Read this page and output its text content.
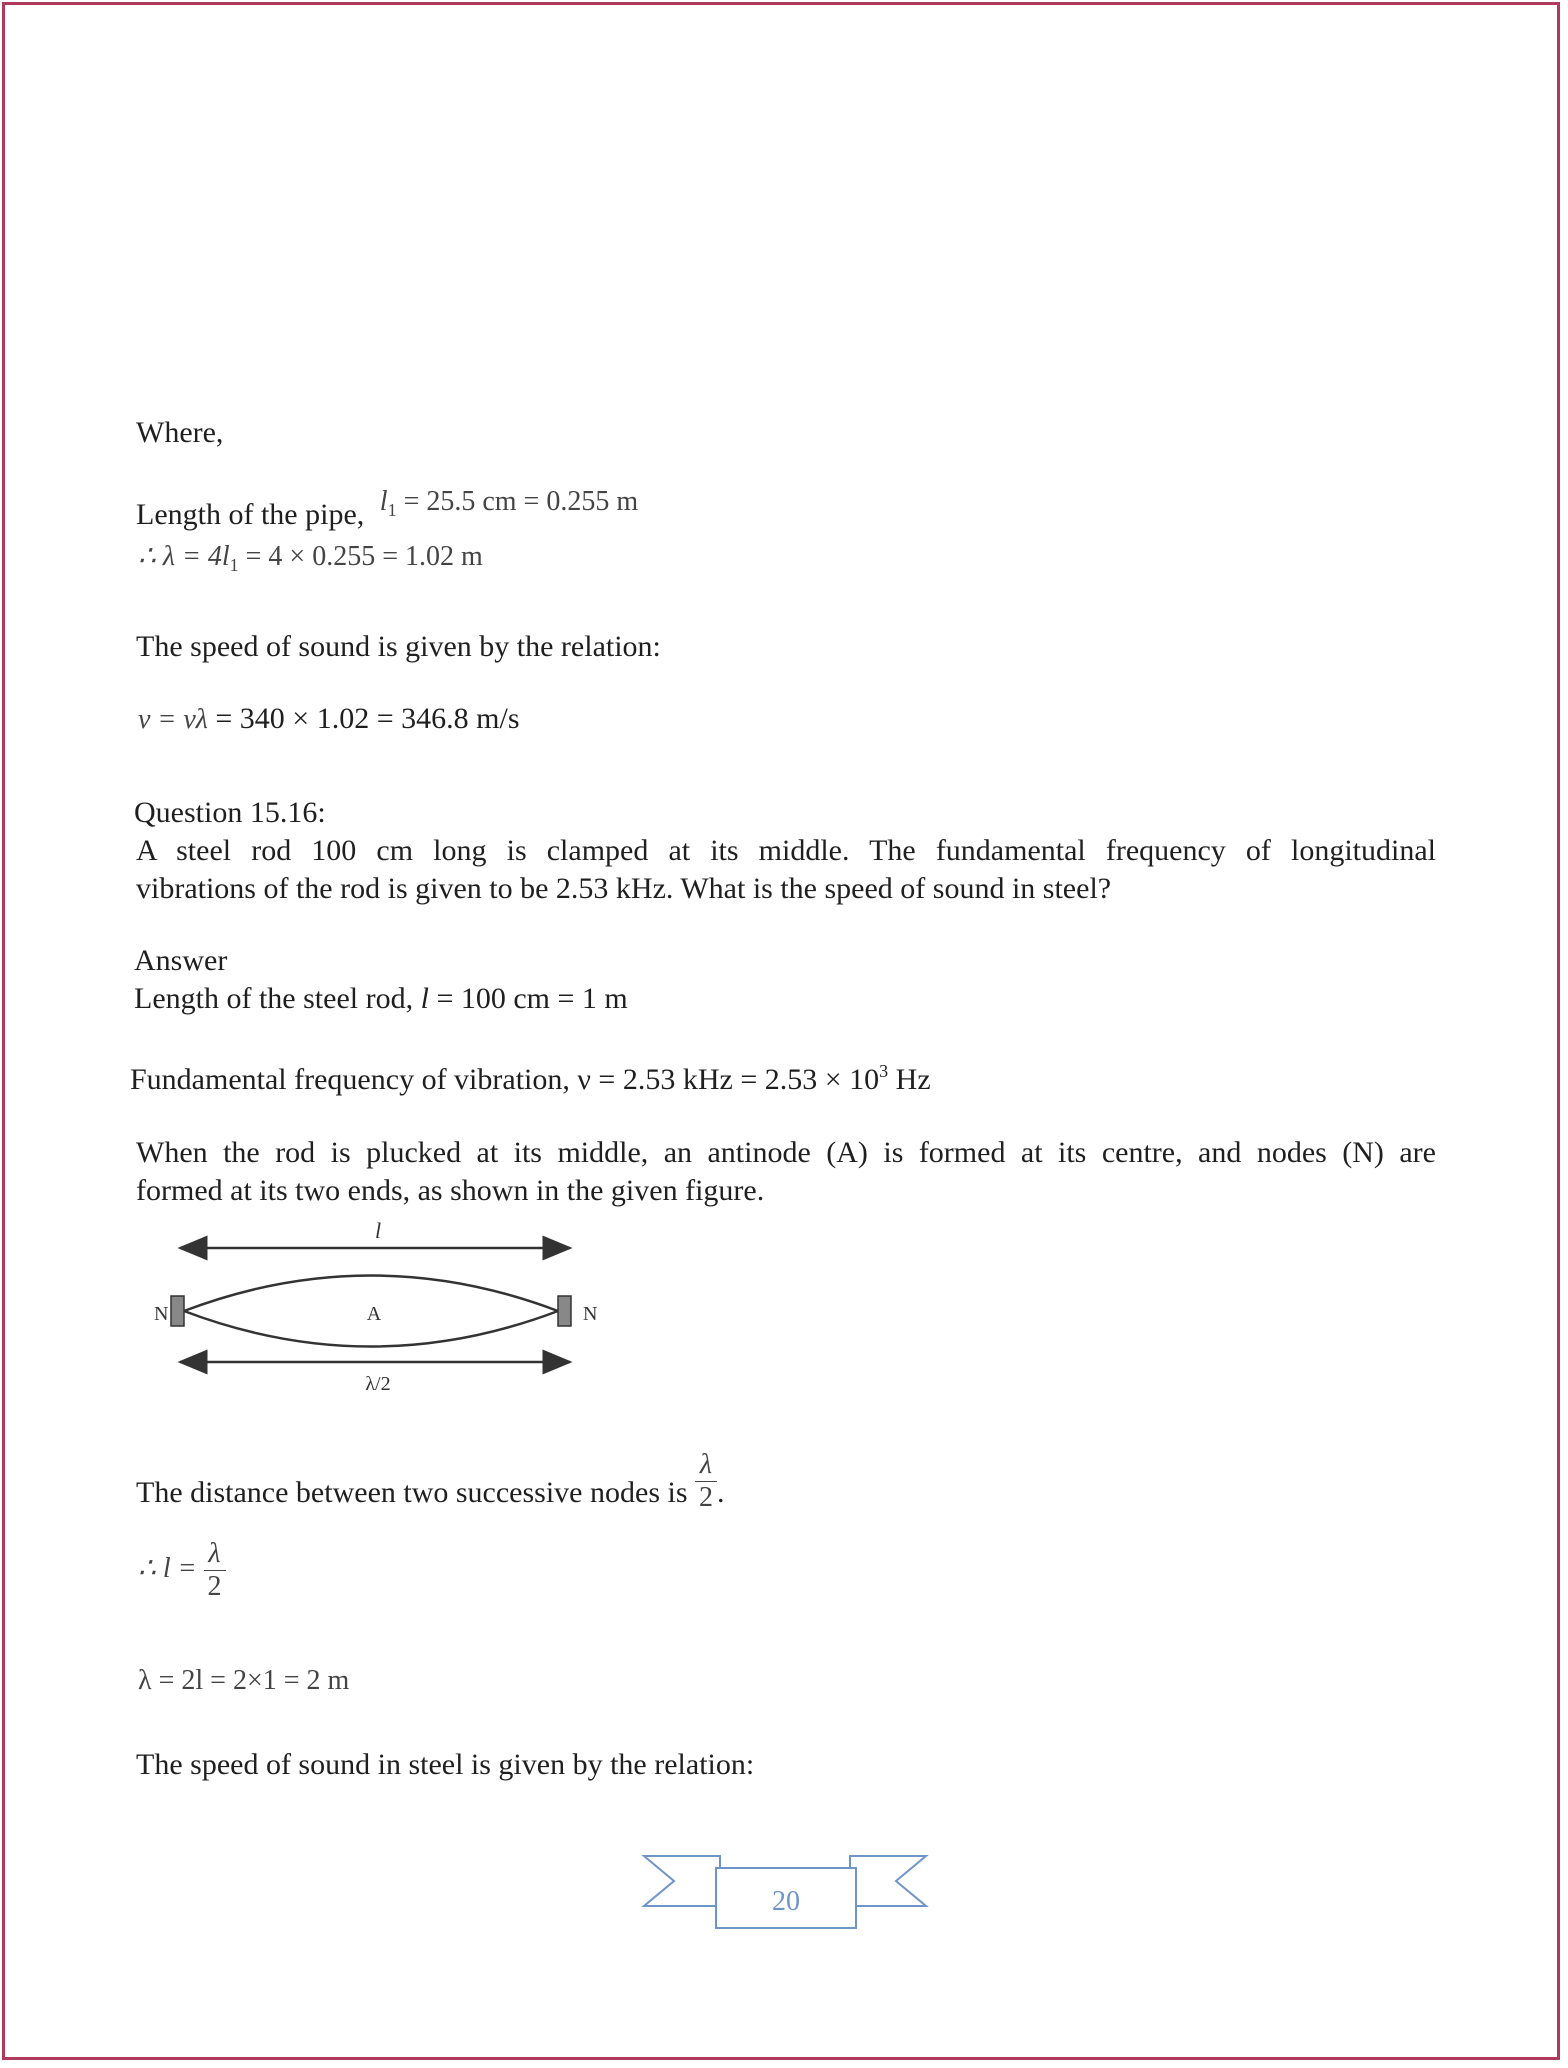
Where,
Length of the pipe, $l_1 = 25.5$ cm = 0.255 m
∴ $\lambda = 4l_1 = 4 \times 0.255 = 1.02$ m
The speed of sound is given by the relation:
v = νλ = 340 × 1.02 = 346.8 m/s
Question 15.16:
A steel rod 100 cm long is clamped at its middle. The fundamental frequency of longitudinal
vibrations of the rod is given to be 2.53 kHz. What is the speed of sound in steel?
Answer
Length of the steel rod, l = 100 cm = 1 m
Fundamental frequency of vibration, ν = 2.53 kHz = $2.53 \times 10^3$ Hz
When the rod is plucked at its middle, an antinode (A) is formed at its centre, and nodes (N) are
formed at its two ends, as shown in the given figure.
l
N	N
A
λ/2
The distance between two successive nodes is $\frac{\lambda}{2}$ .
∴ $l = \frac{\lambda}{2}$
λ = 2l = 2×1 = 2 m
The speed of sound in steel is given by the relation:
20
